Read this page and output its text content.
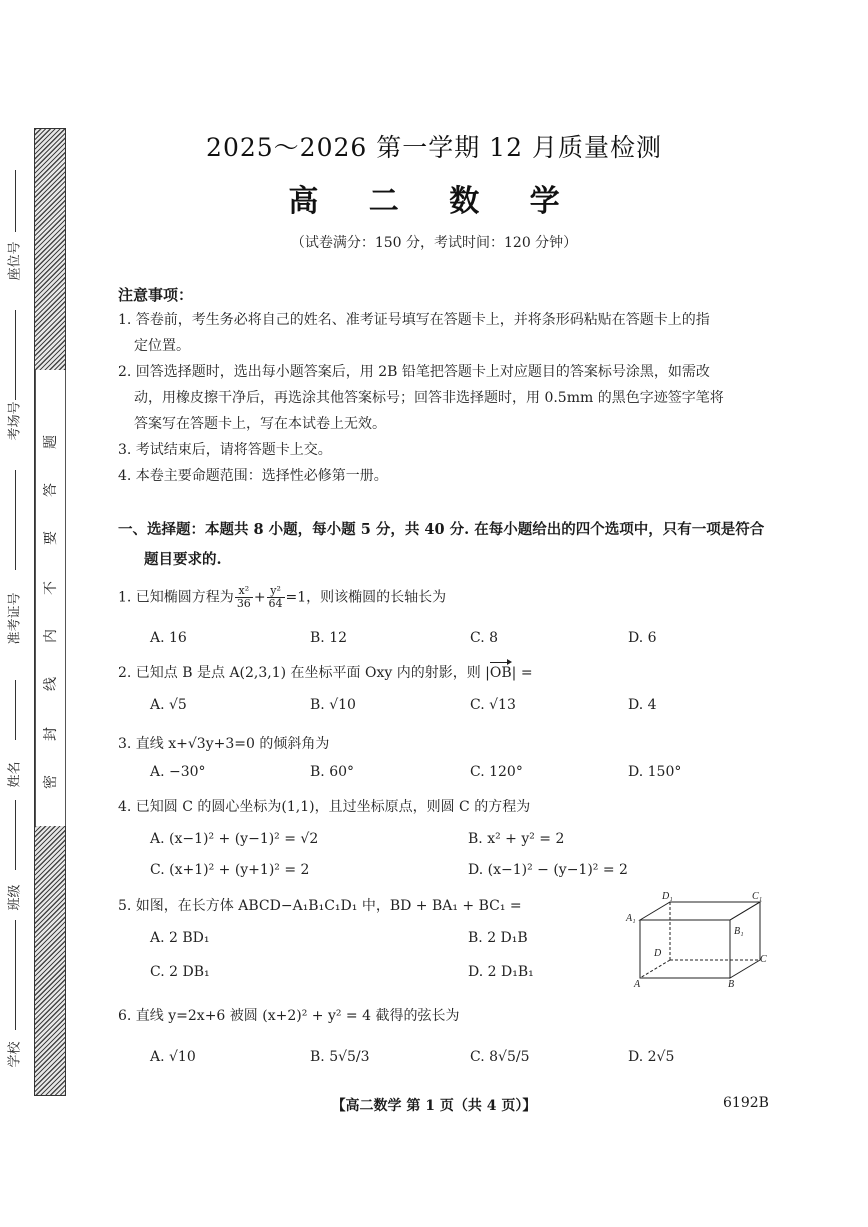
题
答
要
不
内
线
封
密
座位号
考场号
准考证号
姓名
班级
学校
2025～2026 第一学期 12 月质量检测
高 二 数 学
（试卷满分：150 分，考试时间：120 分钟）
注意事项：
1. 答卷前，考生务必将自己的姓名、准考证号填写在答题卡上，并将条形码粘贴在答题卡上的指
定位置。
2. 回答选择题时，选出每小题答案后，用 2B 铅笔把答题卡上对应题目的答案标号涂黑，如需改
动，用橡皮擦干净后，再选涂其他答案标号；回答非选择题时，用 0.5mm 的黑色字迹签字笔将
答案写在答题卡上，写在本试卷上无效。
3. 考试结束后，请将答题卡上交。
4. 本卷主要命题范围：选择性必修第一册。
一、选择题：本题共 8 小题，每小题 5 分，共 40 分. 在每小题给出的四个选项中，只有一项是符合
题目要求的.
1. 已知椭圆方程为 $\frac{\text{x²}}{36} + \frac{\text{y²}}{64} =1$，则该椭圆的长轴长为
A. 16	B. 12	C. 8	D. 6
2. 已知点 B 是点 A(2,3,1) 在坐标平面 Oxy 内的射影，则 |OB| =
A. √5	B. √10	C. √13	D. 4
3. 直线 x+√3y+3=0 的倾斜角为
A. −30°	B. 60°	C. 120°	D. 150°
4. 已知圆 C 的圆心坐标为(1,1)，且过坐标原点，则圆 C 的方程为
A. (x−1)² + (y−1)² = √2	B. x² + y² = 2
C. (x+1)² + (y+1)² = 2	D. (x−1)² − (y−1)² = 2
5. 如图，在长方体 ABCD−A₁B₁C₁D₁ 中，BD + BA₁ + BC₁ =
A. 2 BD₁	B. 2 D₁B
C. 2 DB₁	D. 2 D₁B₁
D₁	C₁
A₁
B₁
D
C
A	B
6. 直线 y=2x+6 被圆 (x+2)² + y² = 4 截得的弦长为
A. √10	B. 5√5/3	C. 8√5/5	D. 2√5
【高二数学 第 1 页（共 4 页）】	6192B
